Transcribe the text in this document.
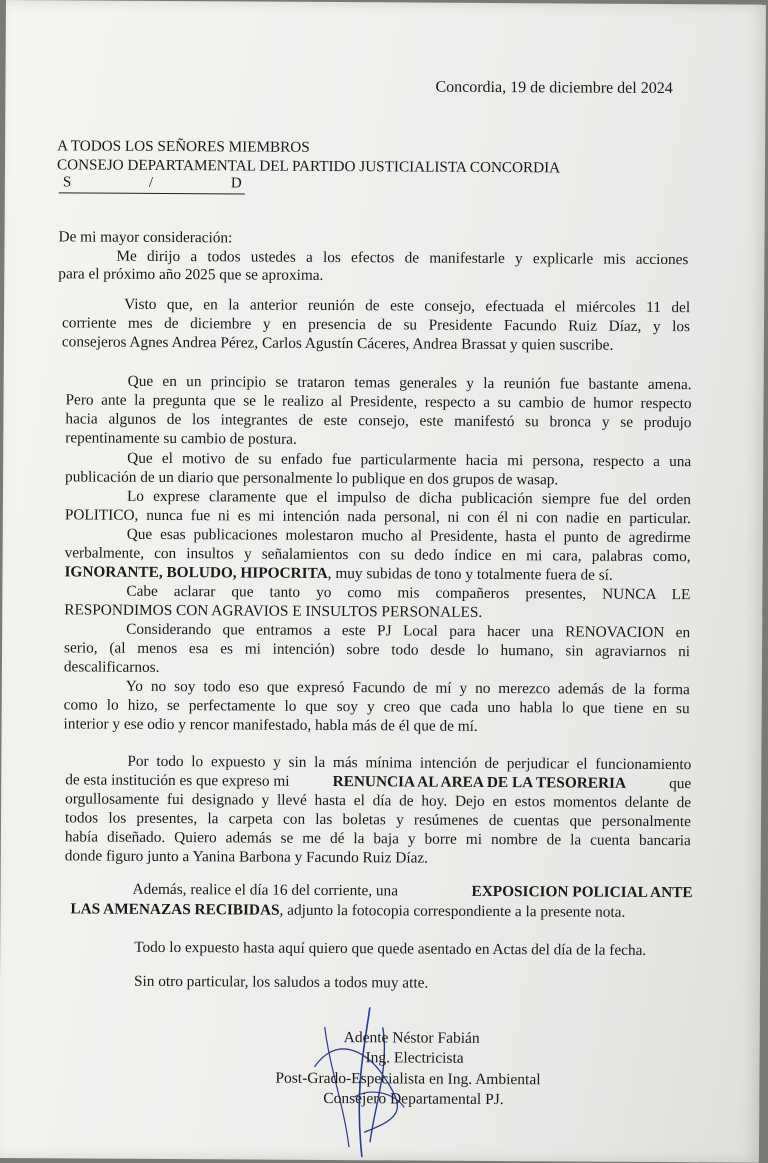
Concordia, 19 de diciembre del 2024
A TODOS LOS SEÑORES MIEMBROS
CONSEJO DEPARTAMENTAL DEL PARTIDO JUSTICIALISTA CONCORDIA
S	/	D
De mi mayor consideración:
Me dirijo a todos ustedes a los efectos de manifestarle y explicarle mis acciones
para el próximo año 2025 que se aproxima.
Visto que, en la anterior reunión de este consejo, efectuada el miércoles 11 del
corriente mes de diciembre y en presencia de su Presidente Facundo Ruiz Díaz, y los
consejeros Agnes Andrea Pérez, Carlos Agustín Cáceres, Andrea Brassat y quien suscribe.
Que en un principio se trataron temas generales y la reunión fue bastante amena.
Pero ante la pregunta que se le realizo al Presidente, respecto a su cambio de humor respecto
hacia algunos de los integrantes de este consejo, este manifestó su bronca y se produjo
repentinamente su cambio de postura.
Que el motivo de su enfado fue particularmente hacia mi persona, respecto a una
publicación de un diario que personalmente lo publique en dos grupos de wasap.
Lo exprese claramente que el impulso de dicha publicación siempre fue del orden
POLITICO, nunca fue ni es mi intención nada personal, ni con él ni con nadie en particular.
Que esas publicaciones molestaron mucho al Presidente, hasta el punto de agredirme
verbalmente, con insultos y señalamientos con su dedo índice en mi cara, palabras como,
IGNORANTE, BOLUDO, HIPOCRITA, muy subidas de tono y totalmente fuera de sí.
Cabe aclarar que tanto yo como mis compañeros presentes, NUNCA LE
RESPONDIMOS CON AGRAVIOS E INSULTOS PERSONALES.
Considerando que entramos a este PJ Local para hacer una RENOVACION en
serio, (al menos esa es mi intención) sobre todo desde lo humano, sin agraviarnos ni
descalificarnos.
Yo no soy todo eso que expresó Facundo de mí y no merezco además de la forma
como lo hizo, se perfectamente lo que soy y creo que cada uno habla lo que tiene en su
interior y ese odio y rencor manifestado, habla más de él que de mí.
Por todo lo expuesto y sin la más mínima intención de perjudicar el funcionamiento
de esta institución es que expreso mi	RENUNCIA AL AREA DE LA TESORERIA	que
orgullosamente fui designado y llevé hasta el día de hoy. Dejo en estos momentos delante de
todos los presentes, la carpeta con las boletas y resúmenes de cuentas que personalmente
había diseñado. Quiero además se me dé la baja y borre mi nombre de la cuenta bancaria
donde figuro junto a Yanina Barbona y Facundo Ruiz Díaz.
Además, realice el día 16 del corriente, una	EXPOSICION POLICIAL ANTE
LAS AMENAZAS RECIBIDAS, adjunto la fotocopia correspondiente a la presente nota.
Todo lo expuesto hasta aquí quiero que quede asentado en Actas del día de la fecha.
Sin otro particular, los saludos a todos muy atte.
Adente Néstor Fabián
Ing. Electricista
Post-Grado-Especialista en Ing. Ambiental
Consejero Departamental PJ.
